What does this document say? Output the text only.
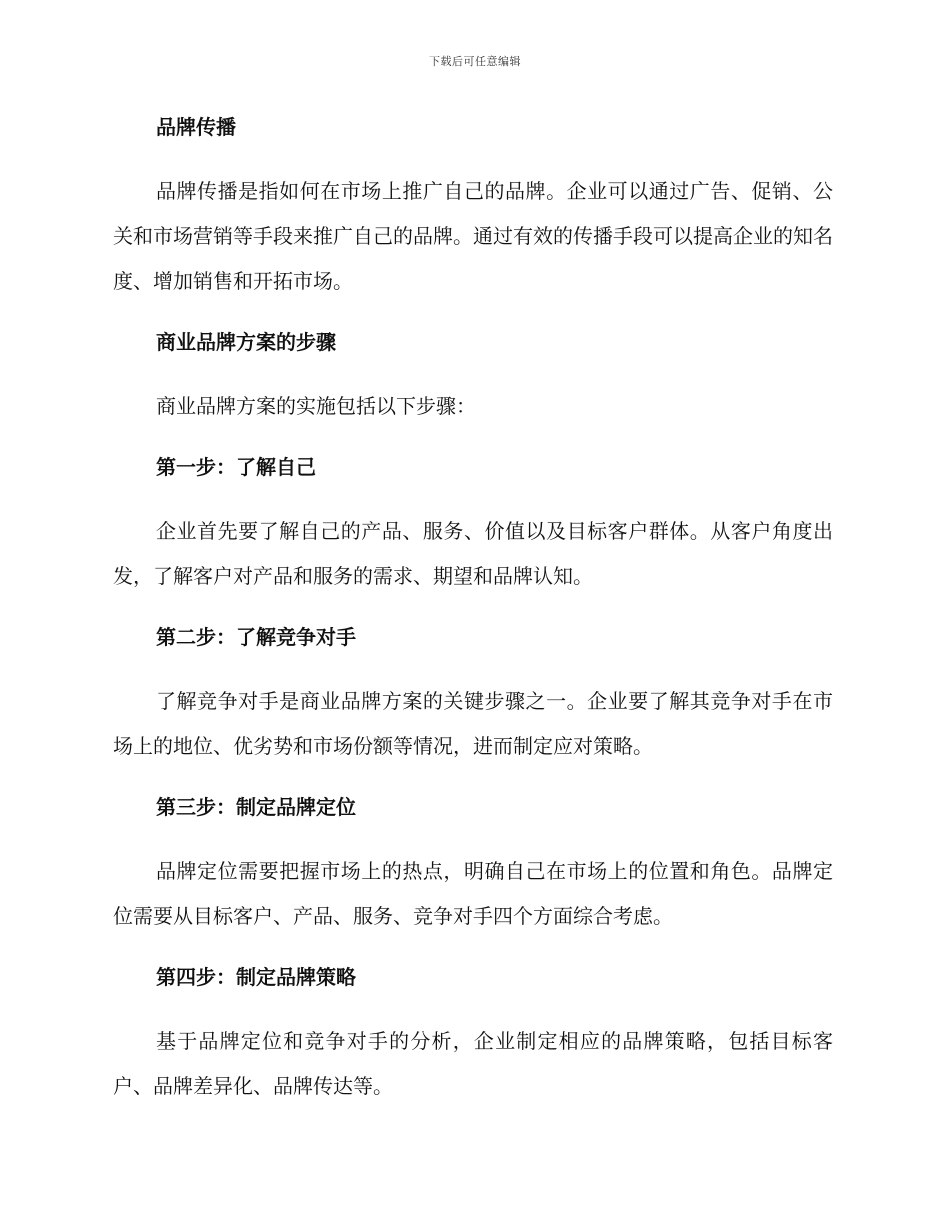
下载后可任意编辑
品牌传播

品牌传播是指如何在市场上推广自己的品牌。企业可以通过广告、促销、公关和市场营销等手段来推广自己的品牌。通过有效的传播手段可以提高企业的知名度、增加销售和开拓市场。

商业品牌方案的步骤

商业品牌方案的实施包括以下步骤：

第一步：了解自己

企业首先要了解自己的产品、服务、价值以及目标客户群体。从客户角度出发，了解客户对产品和服务的需求、期望和品牌认知。

第二步：了解竞争对手

了解竞争对手是商业品牌方案的关键步骤之一。企业要了解其竞争对手在市场上的地位、优劣势和市场份额等情况，进而制定应对策略。

第三步：制定品牌定位

品牌定位需要把握市场上的热点，明确自己在市场上的位置和角色。品牌定位需要从目标客户、产品、服务、竞争对手四个方面综合考虑。

第四步：制定品牌策略

基于品牌定位和竞争对手的分析，企业制定相应的品牌策略，包括目标客户、品牌差异化、品牌传达等。
